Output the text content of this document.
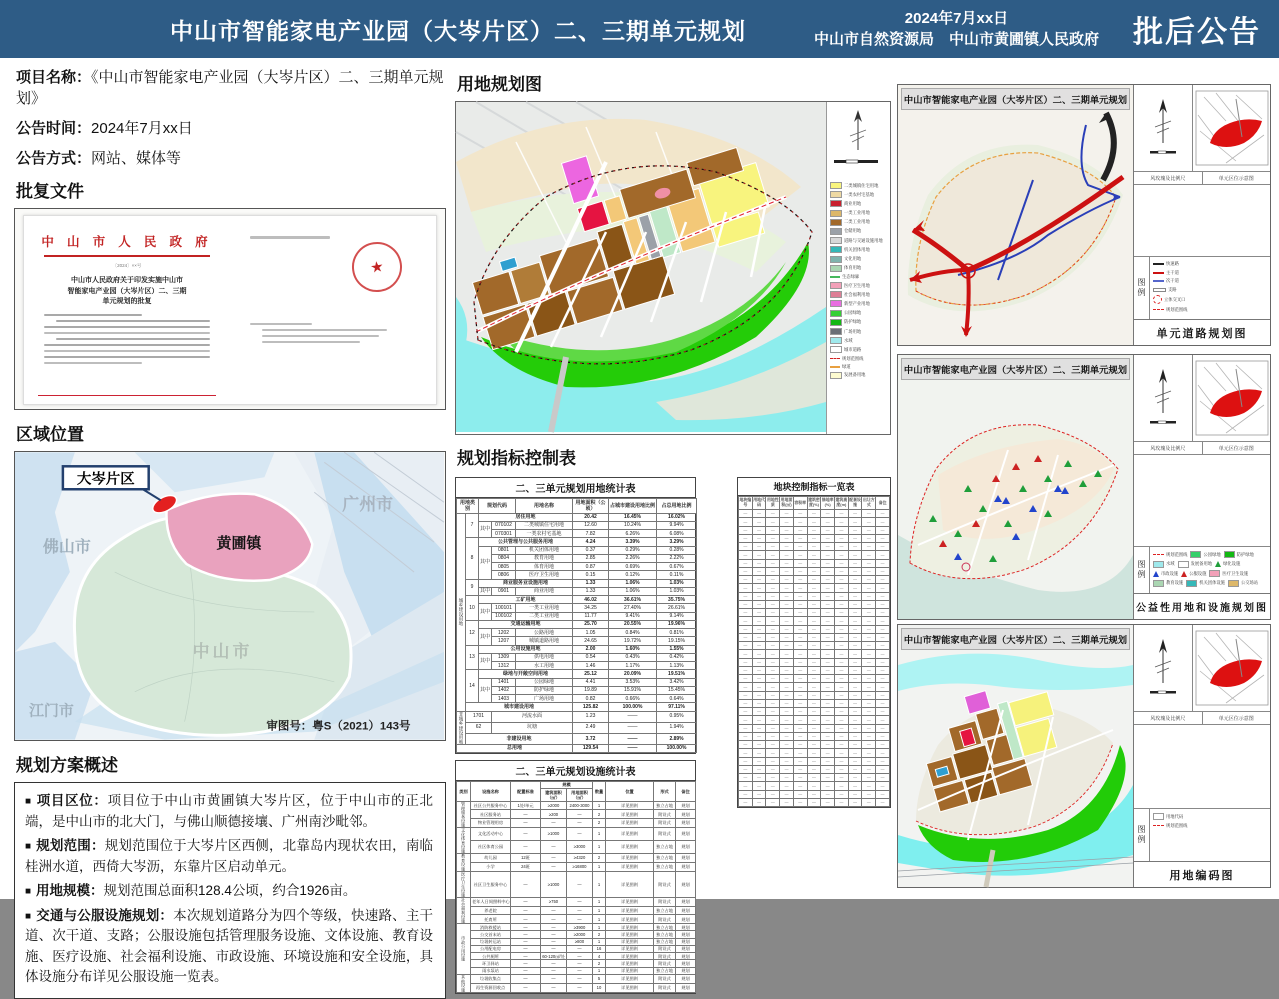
中山市智能家电产业园（大岑片区）二、三期单元规划	2024年7月xx日
中山市自然资源局　中山市黄圃镇人民政府 批后公告
项目名称：《中山市智能家电产业园（大岑片区）二、三期单元规划》
公告时间：2024年7月xx日
公告方式：网站、媒体等
批复文件
中 山 市 人 民 政 府
〔2024〕××号
中山市人民政府关于印发实施中山市
智能家电产业园（大岑片区）二、三期
单元规划的批复
★
区域位置
大岑片区
佛山市
广州市
江门市
中山市
黄圃镇
审图号：粤S（2021）143号
规划方案概述
■ 项目区位：项目位于中山市黄圃镇大岑片区，位于中山市的正北端，是中山市的北大门，与佛山顺德接壤、广州南沙毗邻。
■ 规划范围：规划范围位于大岑片区西侧，北靠岛内现状农田，南临桂洲水道，西倚大岑沥，东靠片区启动单元。
■ 用地规模：规划范围总面积128.4公顷，约合1926亩。
■ 交通与公服设施规划：本次规划道路分为四个等级，快速路、主干道、次干道、支路；公服设施包括管理服务设施、文体设施、教育设施、医疗设施、社会福利设施、市政设施、环境设施和安全设施，具体设施分布详见公服设施一览表。
用地规划图
二类城镇住宅用地
一类农村宅基地
商业用地
一类工业用地
二类工业用地
仓储用地
道路与交通设施用地
机关团体用地
文化用地
体育用地
生态绿廊
医疗卫生用地
社会福利用地
新型产业用地
公园绿地
防护绿地
广场用地
水域
城市道路
规划范围线
绿道
发展备用地
规划指标控制表
二、三单元规划用地统计表
用地类别		规划代码		用地名称	用地面积（公顷）	占城市建设用地比例	占总用地比例
城乡建设用地	7	居住用地			20.42	16.45%	16.02%
		其中	070102	二类城镇住宅用地	12.60	10.24%	9.94%
			070301	一类农村宅基地	7.82	6.26%	6.08%
	8	公共管理与公共服务用地			4.24	3.39%	3.29%
		其中	0801	机关团体用地	0.37	0.29%	0.28%
			0804	教育用地	2.85	2.26%	2.22%
			0805	体育用地	0.87	0.69%	0.67%
			0806	医疗卫生用地	0.15	0.12%	0.11%
	9	商业服务业设施用地			1.33	1.06%	1.03%
		其中	0901	商业用地	1.33	1.06%	1.03%
	10	工矿用地			46.02	36.61%	35.75%
		其中	100101	一类工业用地	34.25	27.40%	26.61%
			100102	二类工业用地	11.77	9.41%	9.14%
	12	交通运输用地			25.70	20.55%	19.96%
		其中	1202	公路用地	1.05	0.84%	0.81%
			1207	城镇道路用地	24.65	19.72%	19.15%
	13	公用设施用地			2.00	1.60%	1.55%
		其中	1309	供电用地	0.54	0.43%	0.42%
			1312	水工用地	1.46	1.17%	1.13%
	14	绿地与开敞空间用地			25.12	20.09%	19.51%
		其中	1401	公园绿地	4.41	3.53%	3.42%
			1402	防护绿地	19.89	15.91%	15.45%
			1403	广场用地	0.82	0.66%	0.64%
	城市建设用地				125.82	100.00%	97.11%
非城乡建设用地	1701		河流水面		1.23	——	0.95%
	62		坑塘		2.49	——	1.94%
	非建设用地				3.72	——	2.89%
总用地					129.54	——	100.00%
二、三单元规划设施统计表
类别	设施名称	配置标准	规模		数量	位置	形式	备注
			建筑面积（㎡）	用地面积（㎡）				
管理服务设施	社区公共服务中心	1处/单元	≥2000	2400-3000	1	详见图则	独立占地	规划
	社区服务站	—	≥200	—	2	详见图则	附设式	规划
	物业管理用房	—	—	—	2	详见图则	附设式	规划
文化体育设施	文化活动中心	—	≥1000	—	1	详见图则	附设式	规划
	社区体育公园	—	—	≥3000	1	详见图则	独立占地	规划
教育设施	幼儿园	12班	—	≥4320	2	详见图则	独立占地	规划
	小学	24班	—	≥16800	1	详见图则	独立占地	规划
医疗卫生设施	社区卫生服务中心	—	≥1000	—	1	详见图则	附设式	规划
社会福利设施	老年人日间照料中心	—	≥750	—	1	详见图则	附设式	规划
	养老院	—	—	—	1	详见图则	独立占地	规划
	托育所	—	—	—	1	详见图则	附设式	规划
市政公用设施	消防救援站	—	—	≥3900	1	详见图则	独立占地	规划
	公交首末站	—	—	≥2000	2	详见图则	独立占地	规划
	垃圾转运站	—	—	≥800	1	详见图则	独立占地	规划
	公用配电房	—	—	—	16	详见图则	附设式	规划
	公共厕所	—	60-120㎡/处	—	4	详见图则	附设式	规划
	环卫驿站	—	—	—	2	详见图则	附设式	规划
	雨水泵站	—	—	—	1	详见图则	独立占地	规划
其他设施	垃圾收集点	—	—	—	5	详见图则	附设式	规划
	再生资源回收点	—	—	—	10	详见图则	附设式	规划
地块控制指标一览表
地块编号	用地代码	用地性质	用地面积(㎡)	容积率	建筑密度(%)	绿地率(%)	建筑高度(m)	配套设施	出让方式	备注
—	—	—	—	—	—	—	—	—	—	—
—	—	—	—	—	—	—	—	—	—	—
—	—	—	—	—	—	—	—	—	—	—
—	—	—	—	—	—	—	—	—	—	—
—	—	—	—	—	—	—	—	—	—	—
—	—	—	—	—	—	—	—	—	—	—
—	—	—	—	—	—	—	—	—	—	—
—	—	—	—	—	—	—	—	—	—	—
—	—	—	—	—	—	—	—	—	—	—
—	—	—	—	—	—	—	—	—	—	—
—	—	—	—	—	—	—	—	—	—	—
—	—	—	—	—	—	—	—	—	—	—
—	—	—	—	—	—	—	—	—	—	—
—	—	—	—	—	—	—	—	—	—	—
—	—	—	—	—	—	—	—	—	—	—
—	—	—	—	—	—	—	—	—	—	—
—	—	—	—	—	—	—	—	—	—	—
—	—	—	—	—	—	—	—	—	—	—
—	—	—	—	—	—	—	—	—	—	—
—	—	—	—	—	—	—	—	—	—	—
—	—	—	—	—	—	—	—	—	—	—
—	—	—	—	—	—	—	—	—	—	—
—	—	—	—	—	—	—	—	—	—	—
—	—	—	—	—	—	—	—	—	—	—
—	—	—	—	—	—	—	—	—	—	—
—	—	—	—	—	—	—	—	—	—	—
—	—	—	—	—	—	—	—	—	—	—
—	—	—	—	—	—	—	—	—	—	—
—	—	—	—	—	—	—	—	—	—	—
—	—	—	—	—	—	—	—	—	—	—
—	—	—	—	—	—	—	—	—	—	—
—	—	—	—	—	—	—	—	—	—	—
—	—	—	—	—	—	—	—	—	—	—
—	—	—	—	—	—	—	—	—	—	—
—	—	—	—	—	—	—	—	—	—	—
—	—	—	—	—	—	—	—	—	—	—
中山市智能家电产业园（大岑片区）二、三期单元规划
风玫瑰及比例尺	单元区位示意图
图例
快速路
主干道
次干道
支路
立体交叉口
规划范围线
单元道路规划图
中山市智能家电产业园（大岑片区）二、三期单元规划
风玫瑰及比例尺	单元区位示意图
图例
规划范围线	公园绿地	防护绿地
水域	发展备用地	绿化设施
市政设施	公服设施	医疗卫生设施
教育设施	机关团体设施	公交场站
公益性用地和设施规划图
中山市智能家电产业园（大岑片区）二、三期单元规划
风玫瑰及比例尺	单元区位示意图
图例
用地代码
规划范围线
用地编码图
